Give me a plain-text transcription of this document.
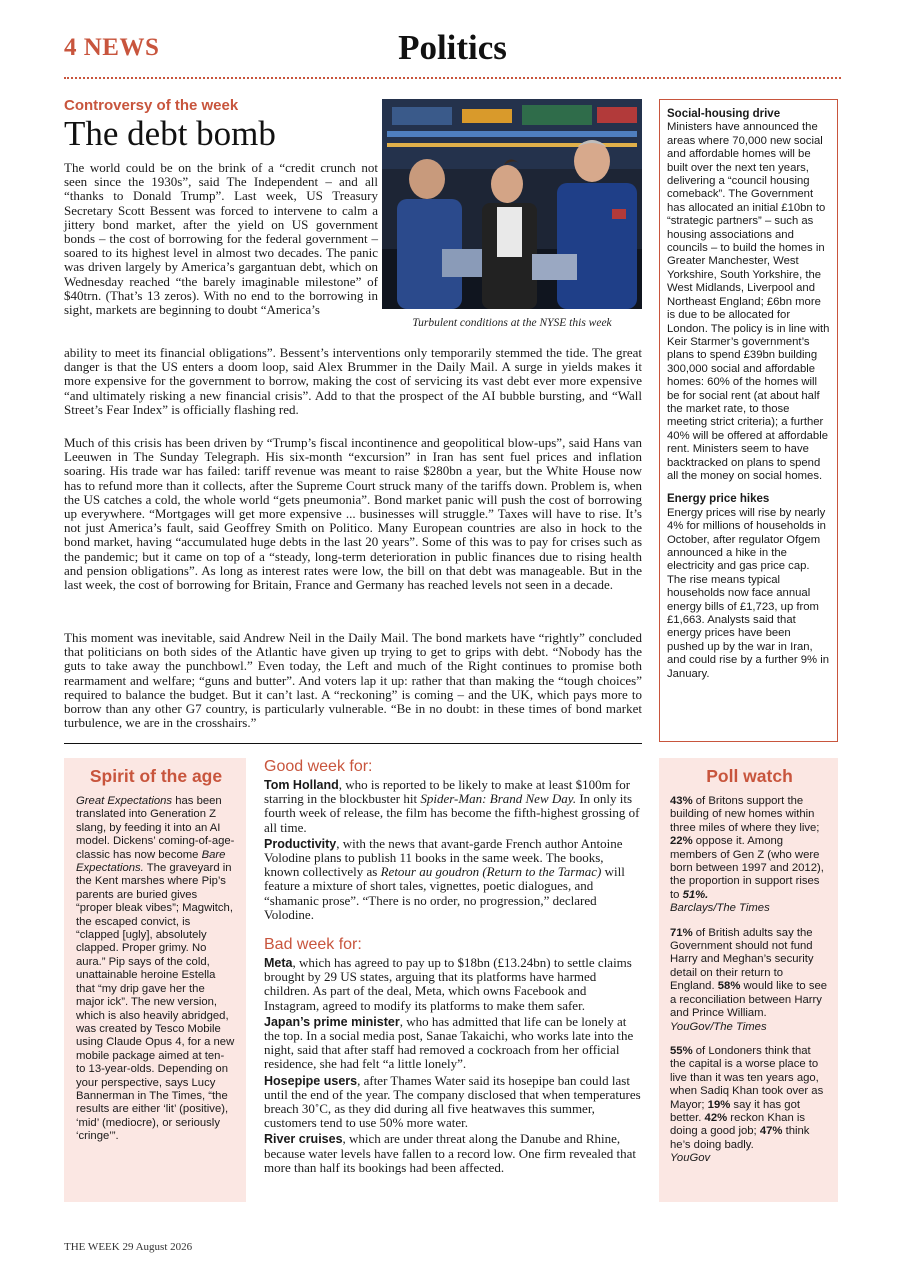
4 NEWS	Politics
Controversy of the week
The debt bomb

The world could be on the brink of a “credit crunch not seen since the 1930s”, said The Independent – and all “thanks to Donald Trump”. Last week, US Treasury Secretary Scott Bessent was forced to intervene to calm a jittery bond market, after the yield on US government bonds – the cost of borrowing for the federal government – soared to its highest level in almost two decades. The panic was driven largely by America’s gargantuan debt, which on Wednesday reached “the barely imaginable milestone” of $40trn. (That’s 13 zeros). With no end to the borrowing in sight, markets are beginning to doubt “America’s

ability to meet its financial obligations”. Bessent’s interventions only temporarily stemmed the tide. The great danger is that the US enters a doom loop, said Alex Brummer in the Daily Mail. A surge in yields makes it more expensive for the government to borrow, making the cost of servicing its vast debt ever more expensive “and ultimately risking a new financial crisis”. Add to that the prospect of the AI bubble bursting, and “Wall Street’s Fear Index” is officially flashing red.

Much of this crisis has been driven by “Trump’s fiscal incontinence and geopolitical blow-ups”, said Hans van Leeuwen in The Sunday Telegraph. His six-month “excursion” in Iran has sent fuel prices and inflation soaring. His trade war has failed: tariff revenue was meant to raise $280bn a year, but the White House now has to refund more than it collects, after the Supreme Court struck many of the tariffs down. Problem is, when the US catches a cold, the whole world “gets pneumonia”. Bond market panic will push the cost of borrowing up everywhere. “Mortgages will get more expensive ... businesses will struggle.” Taxes will have to rise. It’s not just America’s fault, said Geoffrey Smith on Politico. Many European countries are also in hock to the bond market, having “accumulated huge debts in the last 20 years”. Some of this was to pay for crises such as the pandemic; but it came on top of a “steady, long-term deterioration in public finances due to rising health and pension obligations”. As long as interest rates were low, the bill on that debt was manageable. But in the last week, the cost of borrowing for Britain, France and Germany has reached levels not seen in a decade.

This moment was inevitable, said Andrew Neil in the Daily Mail. The bond markets have “rightly” concluded that politicians on both sides of the Atlantic have given up trying to get to grips with debt. “Nobody has the guts to take away the punchbowl.” Even today, the Left and much of the Right continues to promise both rearmament and welfare; “guns and butter”. And voters lap it up: rather that than making the “tough choices” required to balance the budget. But it can’t last. A “reckoning” is coming – and the UK, which pays more to borrow than any other G7 country, is particularly vulnerable. “Be in no doubt: in these times of bond market turbulence, we are in the crosshairs.”

Turbulent conditions at the NYSE this week
Social-housing drive

Ministers have announced the areas where 70,000 new social and affordable homes will be built over the next ten years, delivering a “council housing comeback”. The Government has allocated an initial £10bn to “strategic partners” – such as housing associations and councils – to build the homes in Greater Manchester, West Yorkshire, South Yorkshire, the West Midlands, Liverpool and Northeast England; £6bn more is due to be allocated for London. The policy is in line with Keir Starmer’s government’s plans to spend £39bn building 300,000 social and affordable homes: 60% of the homes will be for social rent (at about half the market rate, to those meeting strict criteria); a further 40% will be offered at affordable rent. Ministers seem to have backtracked on plans to spend all the money on social homes.

Energy price hikes

Energy prices will rise by nearly 4% for millions of households in October, after regulator Ofgem announced a hike in the electricity and gas price cap. The rise means typical households now face annual energy bills of £1,723, up from £1,663. Analysts said that energy prices have been pushed up by the war in Iran, and could rise by a further 9% in January.

Spirit of the age
Great Expectations has been translated into Generation Z slang, by feeding it into an AI model. Dickens’ coming-of-age-classic has now become Bare Expectations. The graveyard in the Kent marshes where Pip’s parents are buried gives “proper bleak vibes”; Magwitch, the escaped convict, is “clapped [ugly], absolutely clapped. Proper grimy. No aura.” Pip says of the cold, unattainable heroine Estella that “my drip gave her the major ick”. The new version, which is also heavily abridged, was created by Tesco Mobile using Claude Opus 4, for a new mobile package aimed at ten- to 13-year-olds. Depending on your perspective, says Lucy Bannerman in The Times, “the results are either ‘lit’ (positive), ‘mid’ (mediocre), or seriously ‘cringe’”.
Good week for:

Tom Holland, who is reported to be likely to make at least $100m for starring in the blockbuster hit Spider-Man: Brand New Day. In only its fourth week of release, the film has become the fifth-highest grossing of all time.

Productivity, with the news that avant-garde French author Antoine Volodine plans to publish 11 books in the same week. The books, known collectively as Retour au goudron (Return to the Tarmac) will feature a mixture of short tales, vignettes, poetic dialogues, and “shamanic prose”. “There is no order, no progression,” declared Volodine.

Bad week for:

Meta, which has agreed to pay up to $18bn (£13.24bn) to settle claims brought by 29 US states, arguing that its platforms have harmed children. As part of the deal, Meta, which owns Facebook and Instagram, agreed to modify its platforms to make them safer.

Japan’s prime minister, who has admitted that life can be lonely at the top. In a social media post, Sanae Takaichi, who works late into the night, said that after staff had removed a cockroach from her official residence, she had felt “a little lonely”.

Hosepipe users, after Thames Water said its hosepipe ban could last until the end of the year. The company disclosed that when temperatures breach 30˚C, as they did during all five heatwaves this summer, customers tend to use 50% more water.

River cruises, which are under threat along the Danube and Rhine, because water levels have fallen to a record low. One firm revealed that more than half its bookings had been affected.

Poll watch

43% of Britons support the building of new homes within three miles of where they live; 22% oppose it. Among members of Gen Z (who were born between 1997 and 2012), the proportion in support rises to 51%.
Barclays/The Times

71% of British adults say the Government should not fund Harry and Meghan’s security detail on their return to England. 58% would like to see a reconciliation between Harry and Prince William.
YouGov/The Times

55% of Londoners think that the capital is a worse place to live than it was ten years ago, when Sadiq Khan took over as Mayor; 19% say it has got better. 42% reckon Khan is doing a good job; 47% think he’s doing badly.
YouGov

THE WEEK 29 August 2026
